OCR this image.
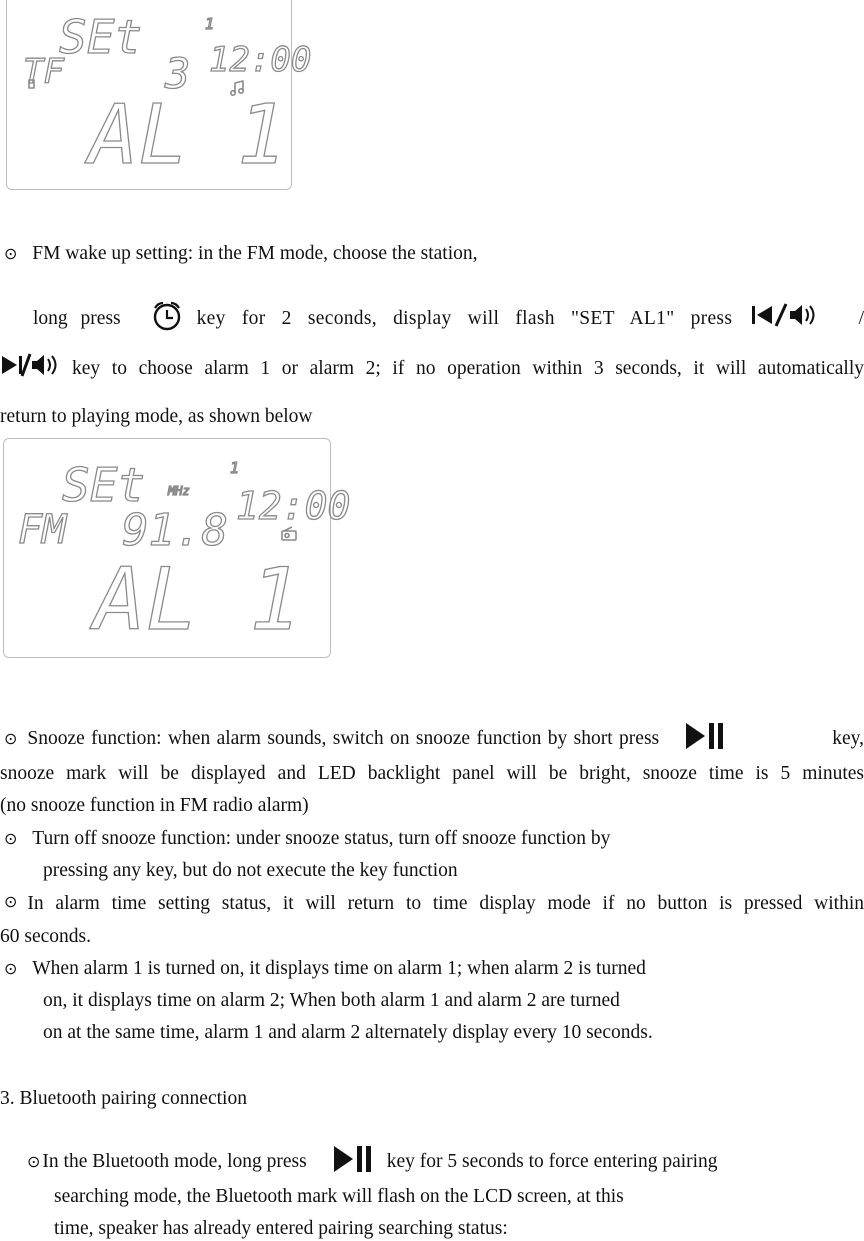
SEt
TF 3
1
12:00
AL 1
⊙ FM wake up setting: in the FM mode, choose the station,
long press	key for 2 seconds, display will flash "SET AL1" press	/
key to choose alarm 1 or alarm 2; if no operation within 3 seconds, it will automatically
return to playing mode, as shown below
SEt MHz
FM 91.8
1
12:00
AL 1
⊙ Snooze function: when alarm sounds, switch on snooze function by short press	key,
snooze mark will be displayed and LED backlight panel will be bright, snooze time is 5 minutes
(no snooze function in FM radio alarm)
⊙ Turn off snooze function: under snooze status, turn off snooze function by
pressing any key, but do not execute the key function
⊙ In alarm time setting status, it will return to time display mode if no button is pressed within
60 seconds.
⊙ When alarm 1 is turned on, it displays time on alarm 1; when alarm 2 is turned
on, it displays time on alarm 2; When both alarm 1 and alarm 2 are turned
on at the same time, alarm 1 and alarm 2 alternately display every 10 seconds.
3. Bluetooth pairing connection
⊙ In the Bluetooth mode, long press	key for 5 seconds to force entering pairing
searching mode, the Bluetooth mark will flash on the LCD screen, at this
time, speaker has already entered pairing searching status:
